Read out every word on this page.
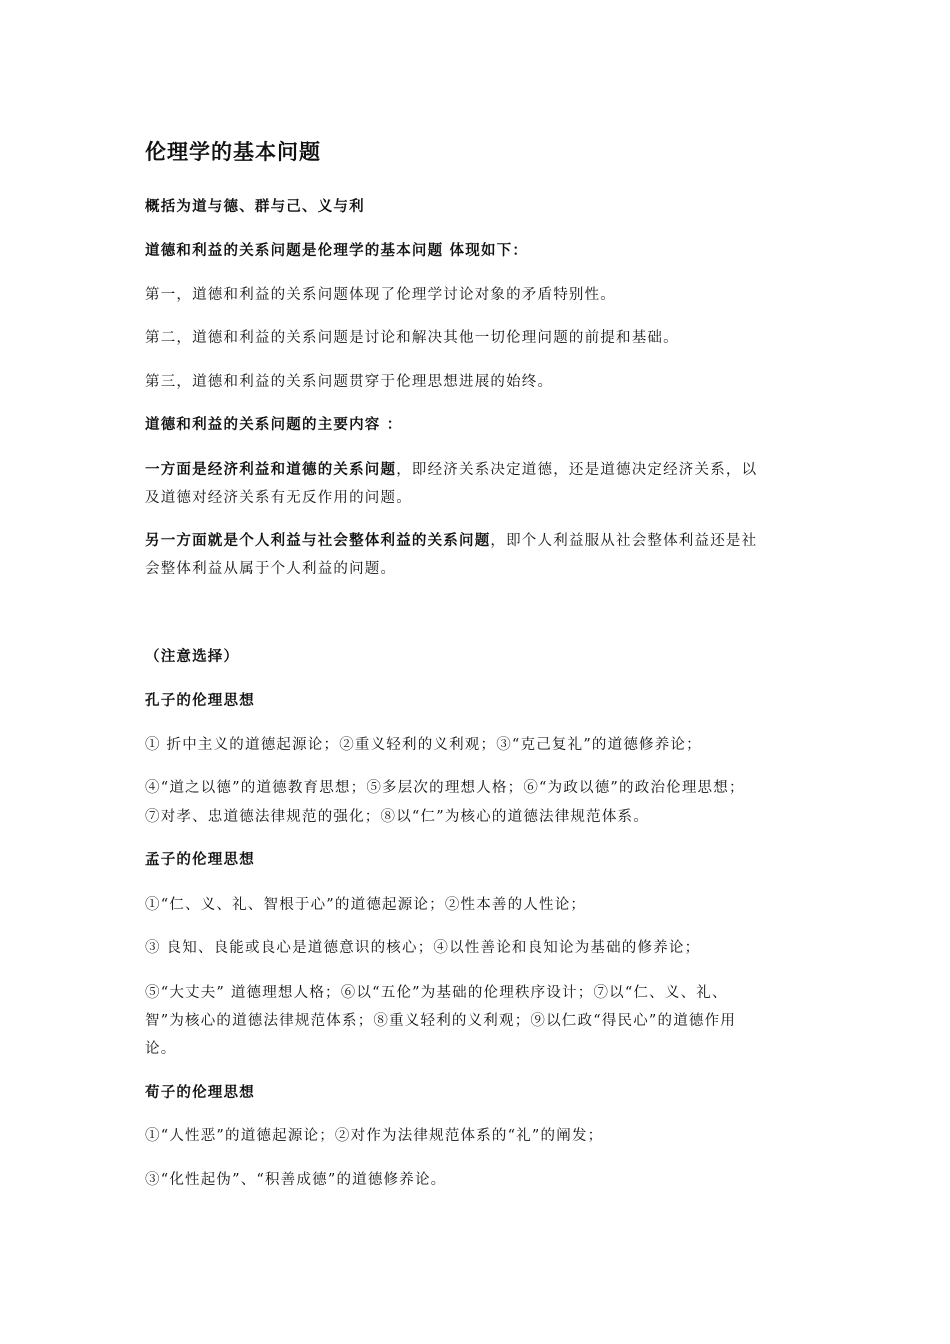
伦理学的基本问题
概括为道与德、群与己、义与利
道德和利益的关系问题是伦理学的基本问题 体现如下：
第一，道德和利益的关系问题体现了伦理学讨论对象的矛盾特别性。
第二，道德和利益的关系问题是讨论和解决其他一切伦理问题的前提和基础。
第三，道德和利益的关系问题贯穿于伦理思想进展的始终。
道德和利益的关系问题的主要内容 ：
一方面是经济利益和道德的关系问题，即经济关系决定道德，还是道德决定经济关系，以
及道德对经济关系有无反作用的问题。
另一方面就是个人利益与社会整体利益的关系问题，即个人利益服从社会整体利益还是社
会整体利益从属于个人利益的问题。
（注意选择）
孔子的伦理思想
① 折中主义的道德起源论；②重义轻利的义利观；③“克己复礼”的道德修养论；
④“道之以德”的道德教育思想；⑤多层次的理想人格；⑥“为政以德”的政治伦理思想；
⑦对孝、忠道德法律规范的强化；⑧以“仁”为核心的道德法律规范体系。
孟子的伦理思想
①“仁、义、礼、智根于心”的道德起源论；②性本善的人性论；
③ 良知、良能或良心是道德意识的核心；④以性善论和良知论为基础的修养论；
⑤“大丈夫” 道德理想人格；⑥以“五伦”为基础的伦理秩序设计；⑦以“仁、义、礼、
智”为核心的道德法律规范体系；⑧重义轻利的义利观；⑨以仁政“得民心”的道德作用
论。
荀子的伦理思想
①“人性恶”的道德起源论；②对作为法律规范体系的“礼”的阐发；
③“化性起伪”、“积善成德”的道德修养论。
